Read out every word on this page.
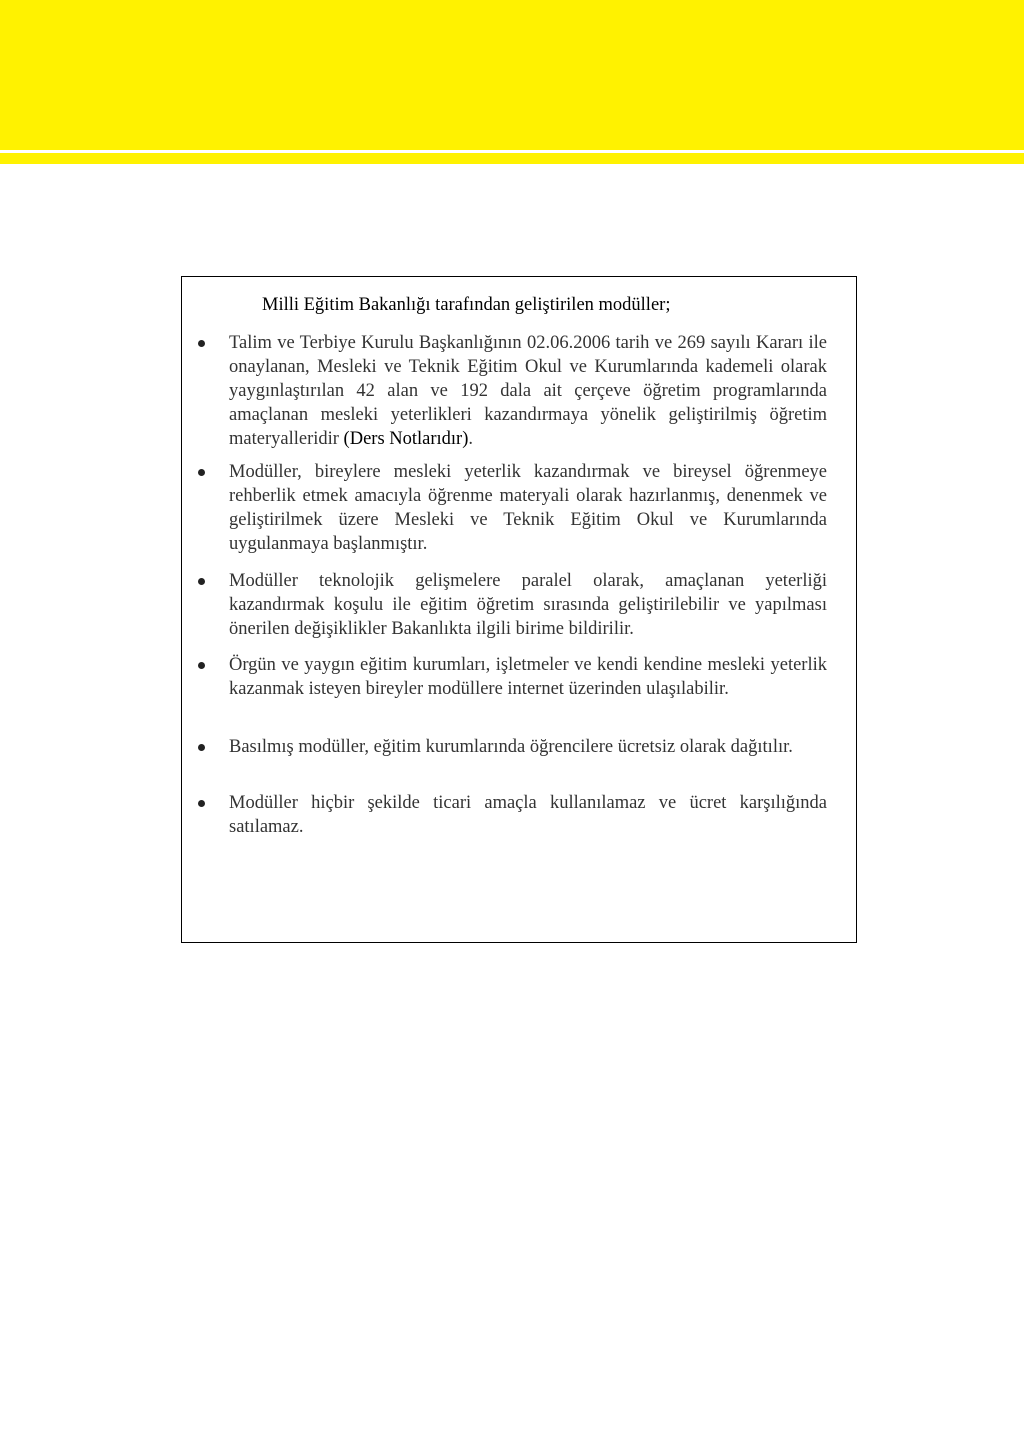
Milli Eğitim Bakanlığı tarafından geliştirilen modüller;

Talim ve Terbiye Kurulu Başkanlığının 02.06.2006 tarih ve 269 sayılı Kararı ile onaylanan, Mesleki ve Teknik Eğitim Okul ve Kurumlarında kademeli olarak yaygınlaştırılan 42 alan ve 192 dala ait çerçeve öğretim programlarında amaçlanan mesleki yeterlikleri kazandırmaya yönelik geliştirilmiş öğretim materyalleridir (Ders Notlarıdır).

Modüller, bireylere mesleki yeterlik kazandırmak ve bireysel öğrenmeye rehberlik etmek amacıyla öğrenme materyali olarak hazırlanmış, denenmek ve geliştirilmek üzere Mesleki ve Teknik Eğitim Okul ve Kurumlarında uygulanmaya başlanmıştır.

Modüller teknolojik gelişmelere paralel olarak, amaçlanan yeterliği kazandırmak koşulu ile eğitim öğretim sırasında geliştirilebilir ve yapılması önerilen değişiklikler Bakanlıkta ilgili birime bildirilir.

Örgün ve yaygın eğitim kurumları, işletmeler ve kendi kendine mesleki yeterlik kazanmak isteyen bireyler modüllere internet üzerinden ulaşılabilir.

Basılmış modüller, eğitim kurumlarında öğrencilere ücretsiz olarak dağıtılır.

Modüller hiçbir şekilde ticari amaçla kullanılamaz ve ücret karşılığında satılamaz.
